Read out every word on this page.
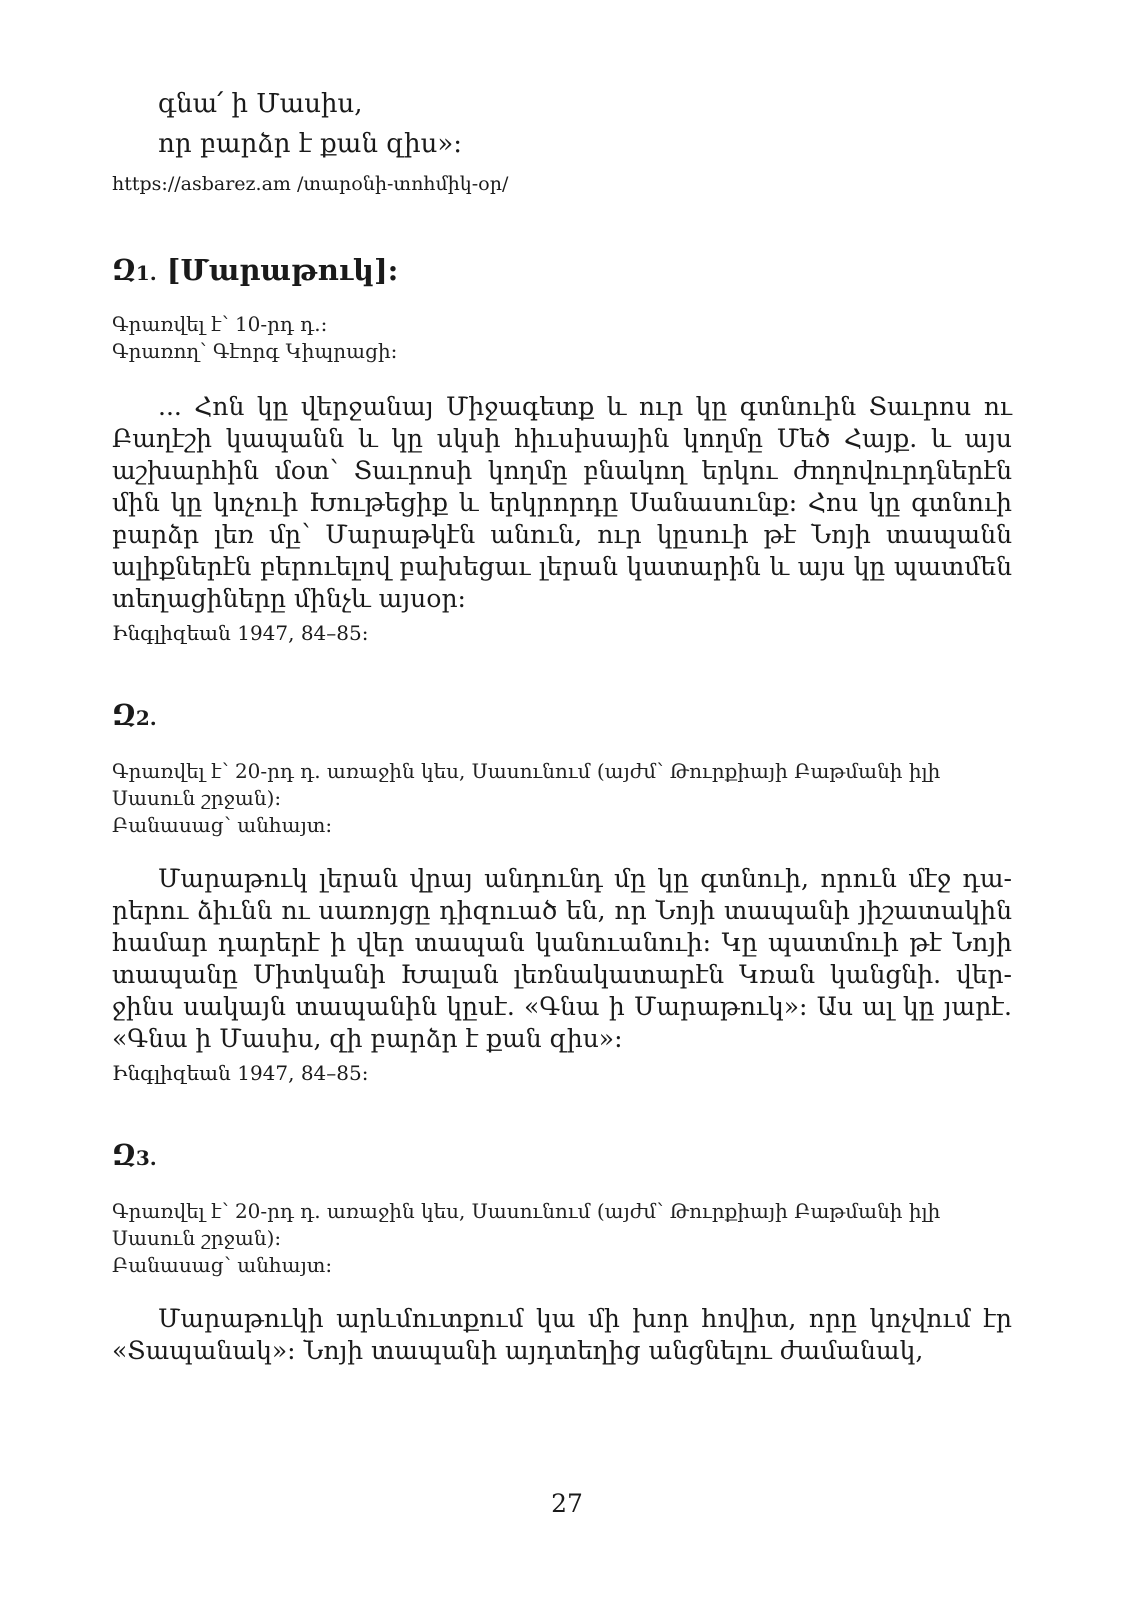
գնա՛ ի Մասիս,
որ բարձր է քան զիս»:
https://asbarez.am /տարօնի-տոհմիկ-օր/
Զ1. [Մարաթուկ]:
Գրառվել է՝ 10-րդ դ.:
Գրառող՝ Գէորգ Կիպրացի:

... Հոն կը վերջանայ Միջագետք և ուր կը գտնուին Տաւրոս ու Բաղէշի կապանն և կը սկսի հիւսիսային կողմը Մեծ Հայք. և այս աշխարհին մօտ՝ Տաւրոսի կողմը բնակող երկու ժողովուրդներէն մին կը կոչուի Խութեցիք և երկրորդը Սանասունք: Հոս կը գտնուի բարձր լեռ մը՝ Մարաթկէն անուն, ուր կըսուի թէ Նոյի տապանն ալիքներէն բերուելով բախեցաւ լերան կատարին և այս կը պատմեն տեղացիները մինչև այսօր:

Ինգլիզեան 1947, 84–85:
Զ2.
Գրառվել է՝ 20-րդ դ. առաջին կես, Սասունում (այժմ՝ Թուրքիայի Բաթմանի իլի Սասուն շրջան):
Բանասաց՝ անհայտ:

Մարաթուկ լերան վրայ անդունդ մը կը գտնուի, որուն մէջ դարերու ձիւնն ու սառոյցը դիզուած են, որ Նոյի տապանի յիշատակին համար դարերէ ի վեր տապան կանուանուի: Կը պատմուի թէ Նոյի տապանը Միտկանի Խալան լեռնակատարէն Կռան կանցնի. վերջինս սակայն տապանին կըսէ. «Գնա ի Մարաթուկ»: Աս ալ կը յարէ. «Գնա ի Մասիս, զի բարձր է քան զիս»:

Ինգլիզեան 1947, 84–85:
Զ3.
Գրառվել է՝ 20-րդ դ. առաջին կես, Սասունում (այժմ՝ Թուրքիայի Բաթմանի իլի Սասուն շրջան):
Բանասաց՝ անհայտ:

Մարաթուկի արևմուտքում կա մի խոր հովիտ, որը կոչվում էր «Տապանակ»: Նոյի տապանի այդտեղից անցնելու ժամանակ,

27
